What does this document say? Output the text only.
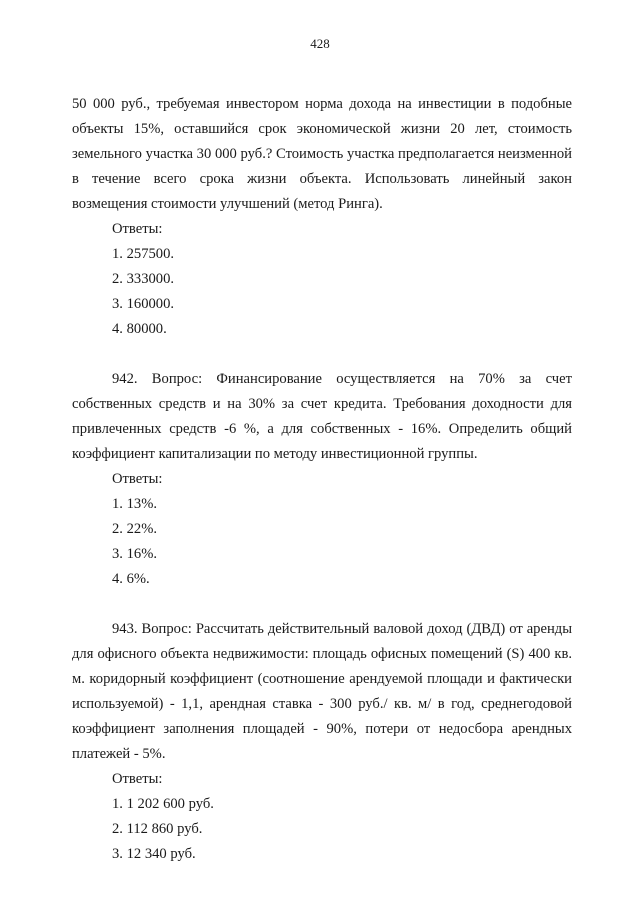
428

50 000 руб., требуемая инвестором норма дохода на инвестиции в подобные объекты 15%, оставшийся срок экономической жизни 20 лет, стоимость земельного участка 30 000 руб.? Стоимость участка предполагается неизменной в течение всего срока жизни объекта. Использовать линейный закон возмещения стоимости улучшений (метод Ринга).

Ответы:

1. 257500.

2. 333000.

3. 160000.

4. 80000.

942. Вопрос: Финансирование осуществляется на 70% за счет собственных средств и на 30% за счет кредита. Требования доходности для привлеченных средств -6 %, а для собственных - 16%. Определить общий коэффициент капитализации по методу инвестиционной группы.

Ответы:

1. 13%.

2. 22%.

3. 16%.

4. 6%.

943. Вопрос: Рассчитать действительный валовой доход (ДВД) от аренды для офисного объекта недвижимости: площадь офисных помещений (S) 400 кв. м. коридорный коэффициент (соотношение арендуемой площади и фактически используемой) - 1,1, арендная ставка - 300 руб./ кв. м/ в год, среднегодовой коэффициент заполнения площадей - 90%, потери от недосбора арендных платежей - 5%.

Ответы:

1. 1 202 600 руб.

2. 112 860 руб.

3. 12 340 руб.
